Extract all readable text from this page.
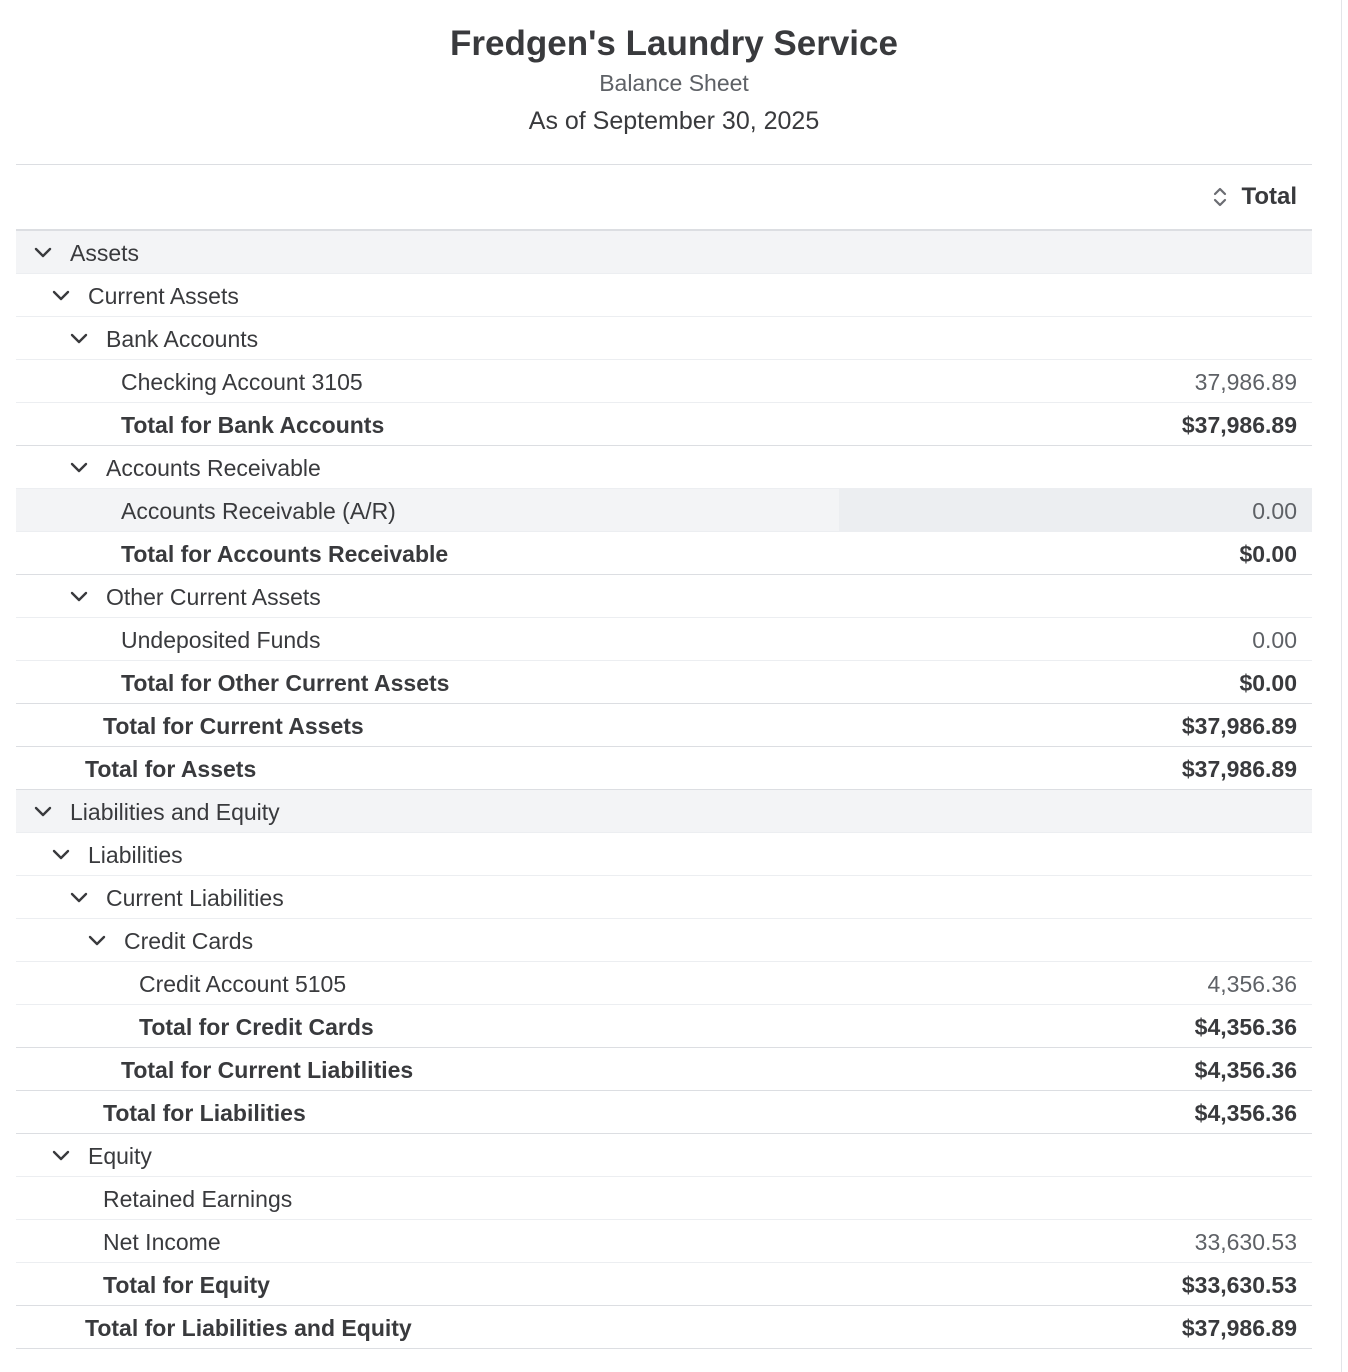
Fredgen's Laundry Service
Balance Sheet
As of September 30, 2025
Total
Assets
Current Assets
Bank Accounts
Checking Account 3105	37,986.89
Total for Bank Accounts	$37,986.89
Accounts Receivable
Accounts Receivable (A/R)	0.00
Total for Accounts Receivable	$0.00
Other Current Assets
Undeposited Funds	0.00
Total for Other Current Assets	$0.00
Total for Current Assets	$37,986.89
Total for Assets	$37,986.89
Liabilities and Equity
Liabilities
Current Liabilities
Credit Cards
Credit Account 5105	4,356.36
Total for Credit Cards	$4,356.36
Total for Current Liabilities	$4,356.36
Total for Liabilities	$4,356.36
Equity
Retained Earnings
Net Income	33,630.53
Total for Equity	$33,630.53
Total for Liabilities and Equity	$37,986.89
